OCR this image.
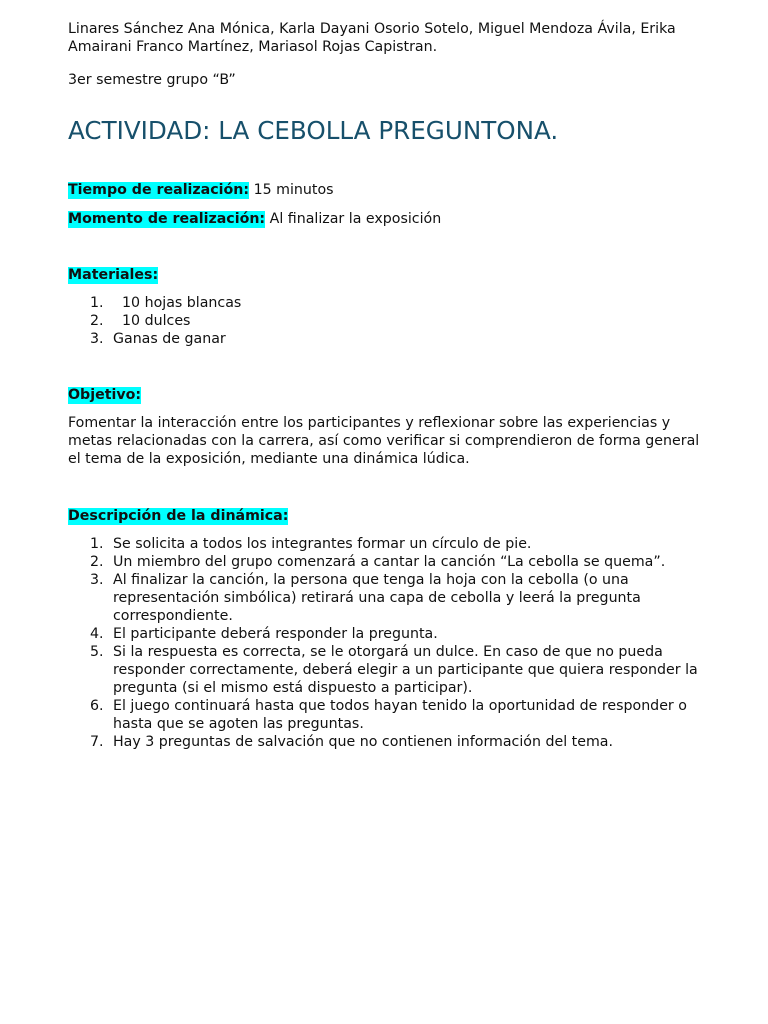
Linares Sánchez Ana Mónica, Karla Dayani Osorio Sotelo, Miguel Mendoza Ávila, Erika Amairani Franco Martínez, Mariasol Rojas Capistran.

3er semestre grupo “B”

ACTIVIDAD: LA CEBOLLA PREGUNTONA.

Tiempo de realización: 15 minutos

Momento de realización: Al finalizar la exposición

Materiales:

1. 10 hojas blancas
2. 10 dulces
3. Ganas de ganar

Objetivo:

Fomentar la interacción entre los participantes y reflexionar sobre las experiencias y metas relacionadas con la carrera, así como verificar si comprendieron de forma general el tema de la exposición, mediante una dinámica lúdica.

Descripción de la dinámica:

1. Se solicita a todos los integrantes formar un círculo de pie.
2. Un miembro del grupo comenzará a cantar la canción “La cebolla se quema”.
3. Al finalizar la canción, la persona que tenga la hoja con la cebolla (o una representación simbólica) retirará una capa de cebolla y leerá la pregunta correspondiente.
4. El participante deberá responder la pregunta.
5. Si la respuesta es correcta, se le otorgará un dulce. En caso de que no pueda responder correctamente, deberá elegir a un participante que quiera responder la pregunta (si el mismo está dispuesto a participar).
6. El juego continuará hasta que todos hayan tenido la oportunidad de responder o hasta que se agoten las preguntas.
7. Hay 3 preguntas de salvación que no contienen información del tema.
